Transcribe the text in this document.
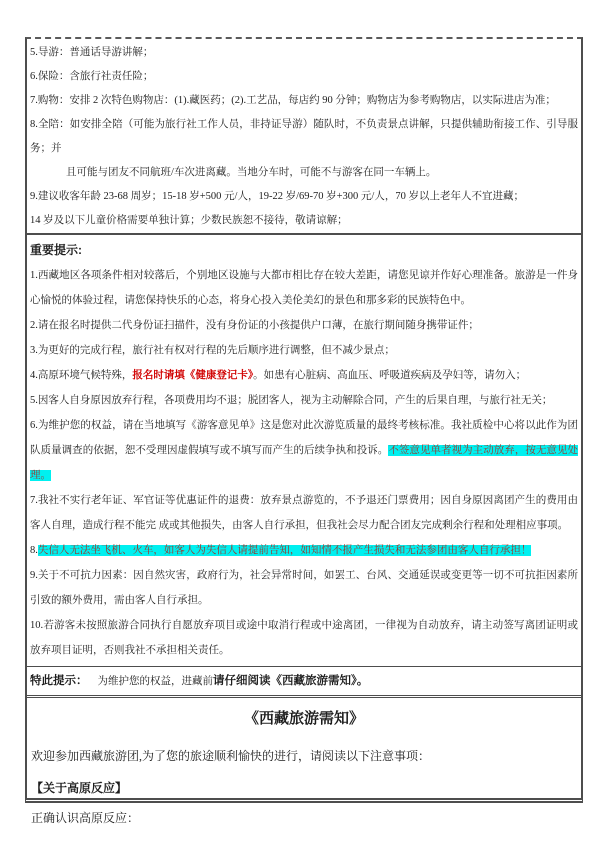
5.导游：普通话导游讲解；

6.保险：含旅行社责任险；

7.购物：安排 2 次特色购物店：(1).藏医药；(2).工艺品，每店约 90 分钟；购物店为参考购物店，以实际进店为准；

8.全陪：如安排全陪（可能为旅行社工作人员，非持证导游）随队时，不负责景点讲解，只提供辅助衔接工作、引导服务；并

且可能与团友不同航班/车次进离藏。当地分车时，可能不与游客在同一车辆上。

9.建议收客年龄 23-68 周岁；15-18 岁+500 元/人，19-22 岁/69-70 岁+300 元/人，70 岁以上老年人不宜进藏；

14 岁及以下儿童价格需要单独计算；少数民族恕不接待，敬请谅解；

重要提示:

1.西藏地区各项条件相对较落后，个别地区设施与大都市相比存在较大差距，请您见谅并作好心理准备。旅游是一件身心愉悦的体验过程，请您保持快乐的心态，将身心投入美伦美幻的景色和那多彩的民族特色中。

2.请在报名时提供二代身份证扫描件，没有身份证的小孩提供户口薄，在旅行期间随身携带证件；

3.为更好的完成行程，旅行社有权对行程的先后顺序进行调整，但不减少景点；

4.高原环境气候特殊，报名时请填《健康登记卡》。如患有心脏病、高血压、呼吸道疾病及孕妇等，请勿入；

5.因客人自身原因放弃行程，各项费用均不退；脱团客人，视为主动解除合同，产生的后果自理，与旅行社无关；

6.为维护您的权益，请在当地填写《游客意见单》这是您对此次游览质量的最终考核标准。我社质检中心将以此作为团队质量调查的依据，恕不受理因虚假填写或不填写而产生的后续争执和投诉。不签意见单者视为主动放弃，按无意见处理。

7.我社不实行老年证、军官证等优惠证件的退费：放弃景点游览的，不予退还门票费用；因自身原因离团产生的费用由客人自理，造成行程不能完 成或其他损失，由客人自行承担，但我社会尽力配合团友完成剩余行程和处理相应事项。

8.失信人无法坐飞机、火车，如客人为失信人请提前告知，如知情不报产生损失和无法参团由客人自行承担！

9.关于不可抗力因素：因自然灾害，政府行为，社会异常时间，如罢工、台风、交通延误或变更等一切不可抗拒因素所引致的额外费用，需由客人自行承担。

10.若游客未按照旅游合同执行自愿放弃项目或途中取消行程或中途离团，一律视为自动放弃，请主动签写离团证明或放弃项目证明，否则我社不承担相关责任。

特此提示： 为维护您的权益，进藏前请仔细阅读《西藏旅游需知》。

《西藏旅游需知》

欢迎参加西藏旅游团,为了您的旅途顺利愉快的进行，请阅读以下注意事项：

【关于高原反应】

正确认识高原反应：
